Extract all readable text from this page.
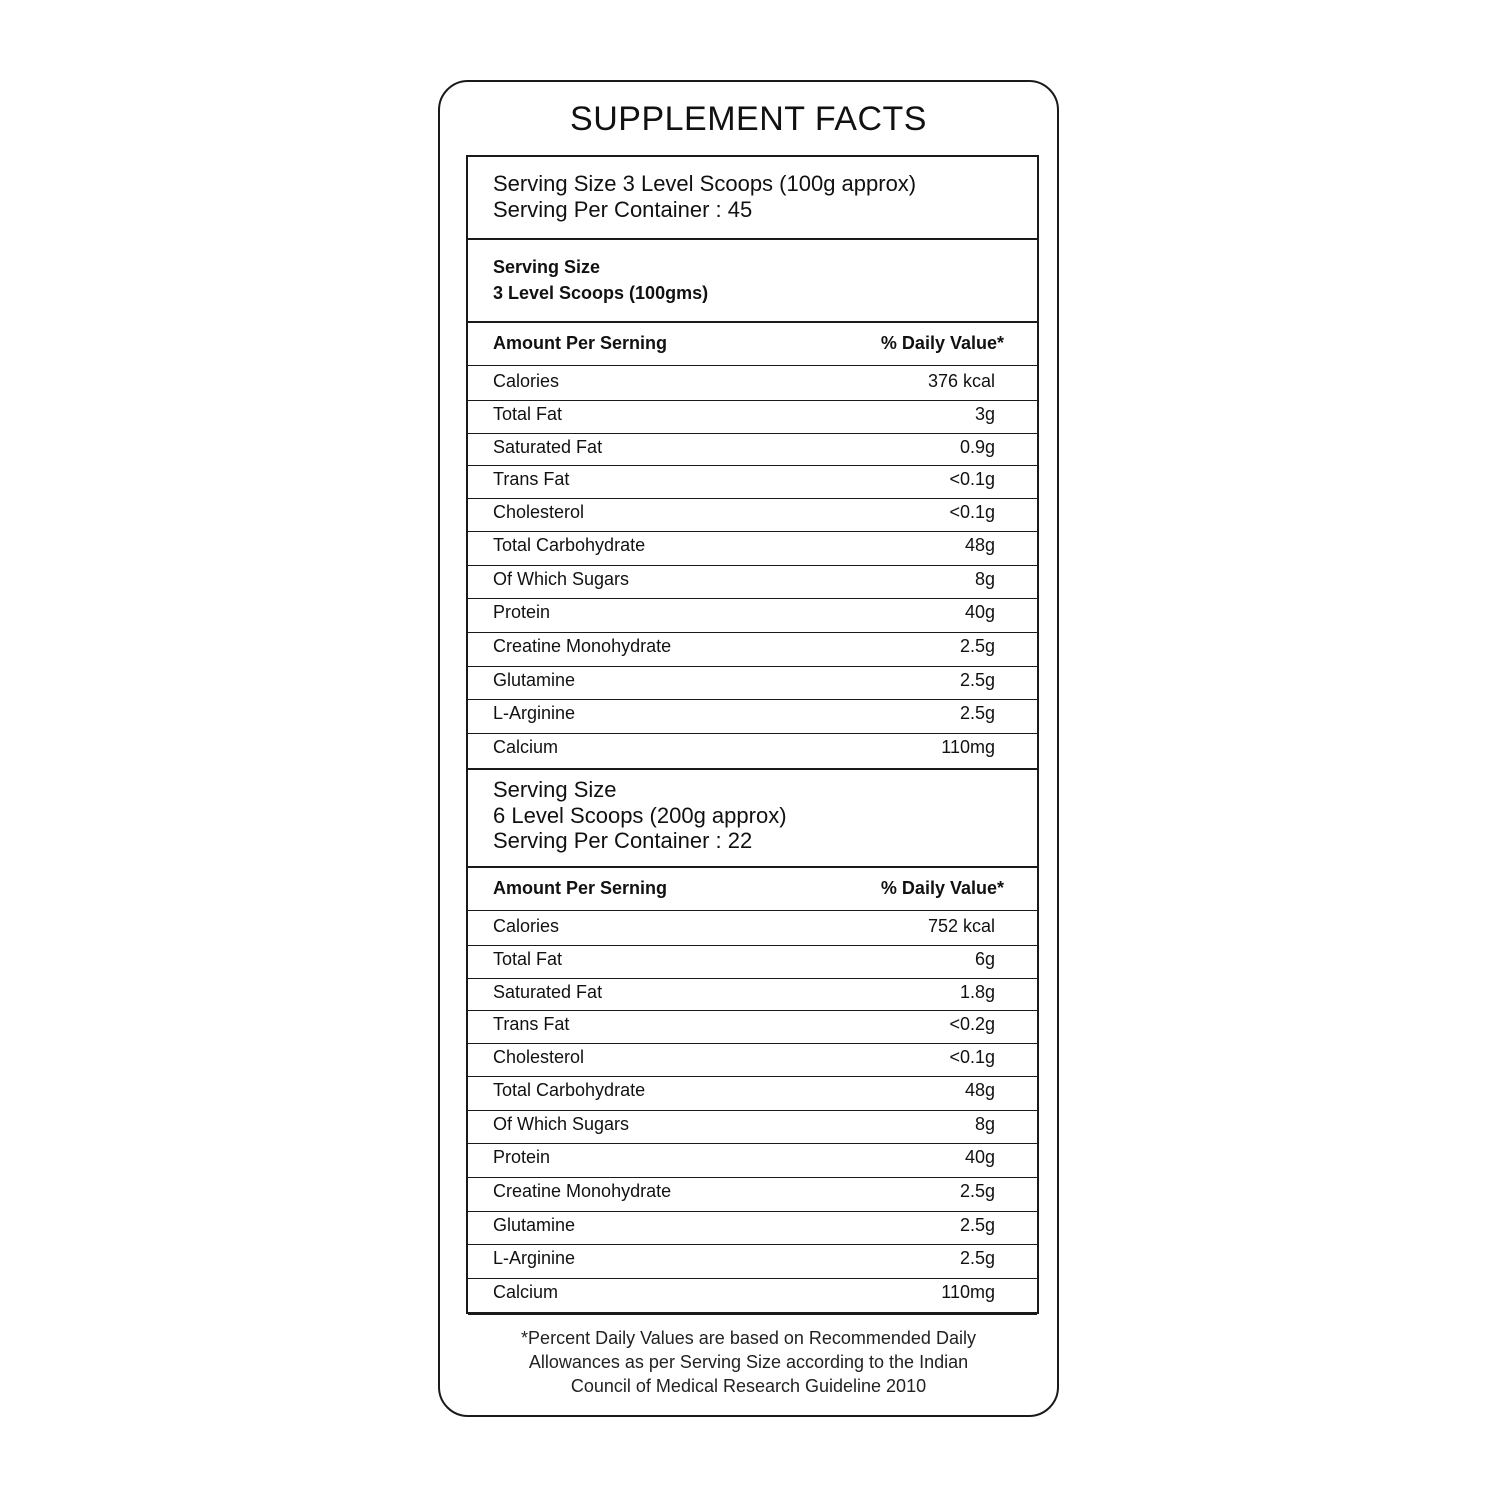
SUPPLEMENT FACTS
Serving Size 3 Level Scoops (100g approx)
Serving Per Container : 45
Serving Size
3 Level Scoops (100gms)
Amount Per Serning	% Daily Value*
Calories	376 kcal
Total Fat	3g
Saturated Fat	0.9g
Trans Fat	<0.1g
Cholesterol	<0.1g
Total Carbohydrate	48g
Of Which Sugars	8g
Protein	40g
Creatine Monohydrate	2.5g
Glutamine	2.5g
L-Arginine	2.5g
Calcium	110mg
Serving Size
6 Level Scoops (200g approx)
Serving Per Container : 22
Amount Per Serning	% Daily Value*
Calories	752 kcal
Total Fat	6g
Saturated Fat	1.8g
Trans Fat	<0.2g
Cholesterol	<0.1g
Total Carbohydrate	48g
Of Which Sugars	8g
Protein	40g
Creatine Monohydrate	2.5g
Glutamine	2.5g
L-Arginine	2.5g
Calcium	110mg
*Percent Daily Values are based on Recommended Daily
Allowances as per Serving Size according to the Indian
Council of Medical Research Guideline 2010
